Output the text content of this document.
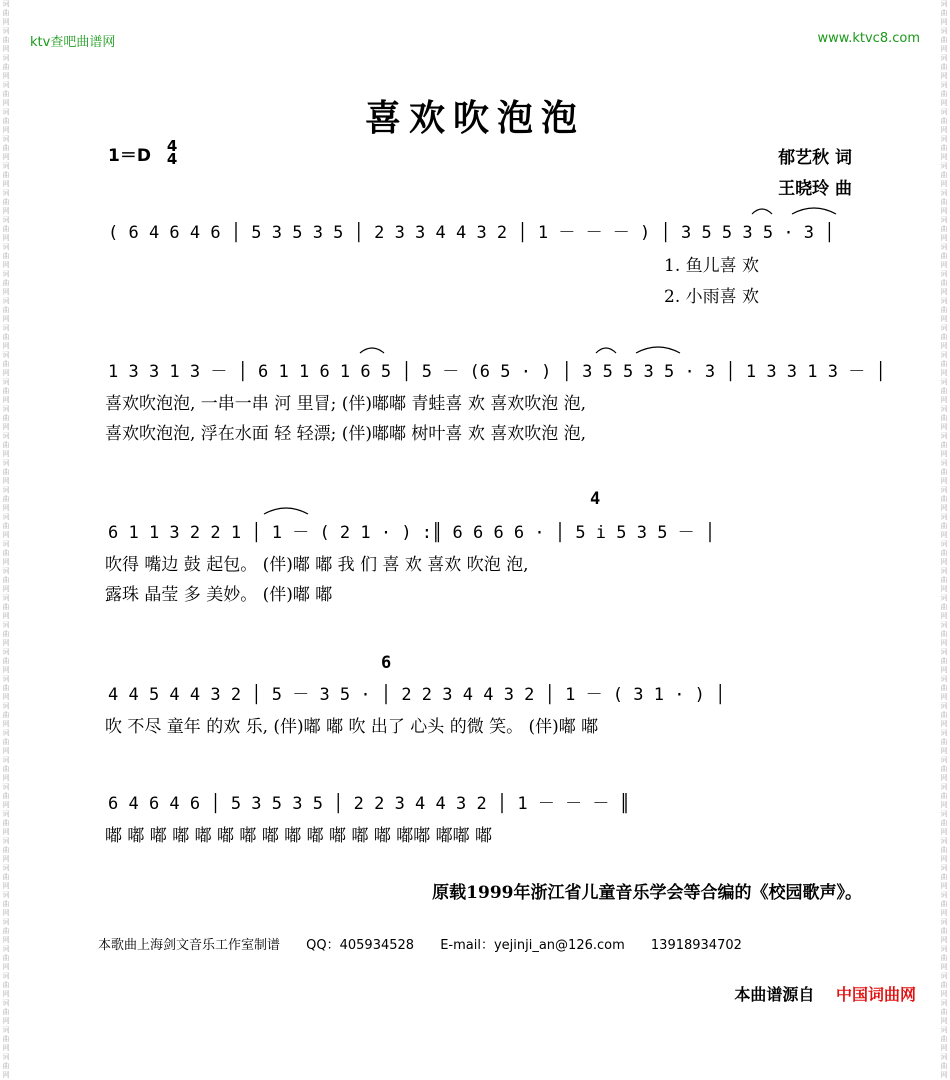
词曲网词曲网词曲网词曲网词曲网词曲网词曲网词曲网词曲网词曲网词曲网词曲网词曲网词曲网词曲网词曲网词曲网词曲网词曲网词曲网词曲网词曲网词曲网词曲网词曲网词曲网词曲网词曲网词曲网词曲网词曲网词曲网词曲网词曲网词曲网词曲网词曲网词曲网词曲网词曲网
词曲网词曲网词曲网词曲网词曲网词曲网词曲网词曲网词曲网词曲网词曲网词曲网词曲网词曲网词曲网词曲网词曲网词曲网词曲网词曲网词曲网词曲网词曲网词曲网词曲网词曲网词曲网词曲网词曲网词曲网词曲网词曲网词曲网词曲网词曲网词曲网词曲网词曲网词曲网词曲网
ktv查吧曲谱网	www.ktvc8.com
喜欢吹泡泡
1＝D 4
4	郁艺秋 词
王晓玲 曲
( 6 4 6 4 6 │ 5 3 5 3 5 │ 2 3 3 4 4 3 2 │ 1 － － － ) │ 3 5 5 3 5 · 3 │
1. 鱼儿喜 欢
2. 小雨喜 欢
1 3 3 1 3 － │ 6 1 1 6 1 6 5 │ 5 － (6 5 · ) │ 3 5 5 3 5 · 3 │ 1 3 3 1 3 － │
喜欢吹泡泡, 一串一串 河 里冒; (伴)嘟嘟 青蛙喜 欢 喜欢吹泡 泡,
喜欢吹泡泡, 浮在水面 轻 轻漂; (伴)嘟嘟 树叶喜 欢 喜欢吹泡 泡,
4
6 1 1 3 2 2 1 │ 1 － ( 2 1 · ) :║ 6 6 6 6 · │ 5 i 5 3 5 － │
吹得 嘴边 鼓 起包。 (伴)嘟 嘟 我 们 喜 欢 喜欢 吹泡 泡,
露珠 晶莹 多 美妙。 (伴)嘟 嘟
6
4 4 5 4 4 3 2 │ 5 － 3 5 · │ 2 2 3 4 4 3 2 │ 1 － ( 3 1 · ) │
吹 不尽 童年 的欢 乐, (伴)嘟 嘟 吹 出了 心头 的微 笑。 (伴)嘟 嘟
6 4 6 4 6 │ 5 3 5 3 5 │ 2 2 3 4 4 3 2 │ 1 － － － ║
嘟 嘟 嘟 嘟 嘟 嘟 嘟 嘟 嘟 嘟 嘟 嘟 嘟 嘟嘟 嘟嘟 嘟
原载1999年浙江省儿童音乐学会等合编的《校园歌声》。
本歌曲上海剑文音乐工作室制谱 QQ：405934528 E-mail：yejinji_an@126.com 13918934702
本曲谱源自 中国词曲网
